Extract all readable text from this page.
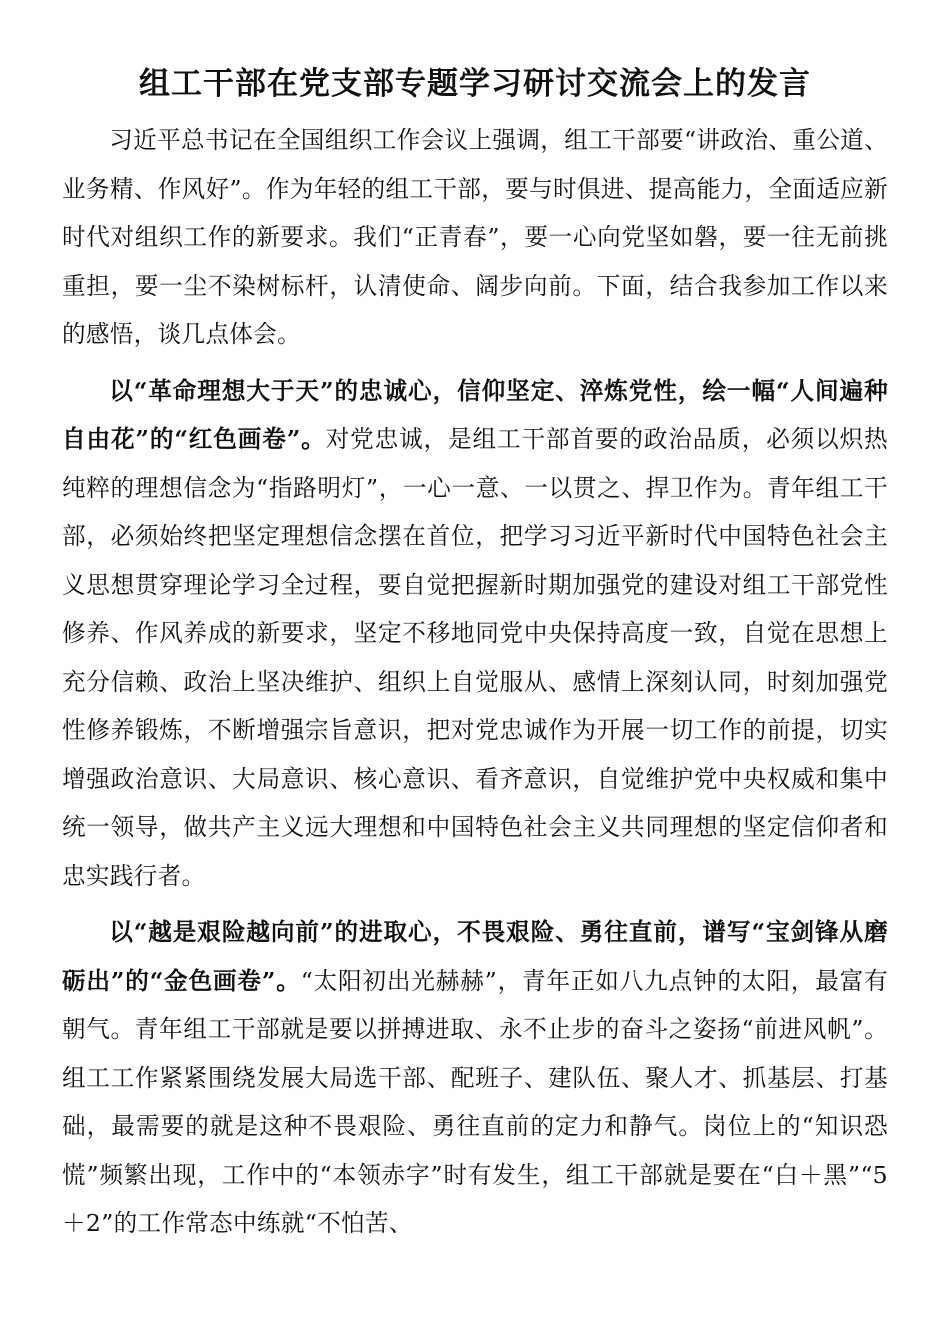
组工干部在党支部专题学习研讨交流会上的发言

习近平总书记在全国组织工作会议上强调，组工干部要“讲政治、重公道、业务精、作风好”。作为年轻的组工干部，要与时俱进、提高能力，全面适应新时代对组织工作的新要求。我们“正青春”，要一心向党坚如磐，要一往无前挑重担，要一尘不染树标杆，认清使命、阔步向前。下面，结合我参加工作以来的感悟，谈几点体会。

以“革命理想大于天”的忠诚心，信仰坚定、淬炼党性，绘一幅“人间遍种自由花”的“红色画卷”。对党忠诚，是组工干部首要的政治品质，必须以炽热纯粹的理想信念为“指路明灯”，一心一意、一以贯之、捍卫作为。青年组工干部，必须始终把坚定理想信念摆在首位，把学习习近平新时代中国特色社会主义思想贯穿理论学习全过程，要自觉把握新时期加强党的建设对组工干部党性修养、作风养成的新要求，坚定不移地同党中央保持高度一致，自觉在思想上充分信赖、政治上坚决维护、组织上自觉服从、感情上深刻认同，时刻加强党性修养锻炼，不断增强宗旨意识，把对党忠诚作为开展一切工作的前提，切实增强政治意识、大局意识、核心意识、看齐意识，自觉维护党中央权威和集中统一领导，做共产主义远大理想和中国特色社会主义共同理想的坚定信仰者和忠实践行者。

以“越是艰险越向前”的进取心，不畏艰险、勇往直前，谱写“宝剑锋从磨砺出”的“金色画卷”。“太阳初出光赫赫”，青年正如八九点钟的太阳，最富有朝气。青年组工干部就是要以拼搏进取、永不止步的奋斗之姿扬“前进风帆”。组工工作紧紧围绕发展大局选干部、配班子、建队伍、聚人才、抓基层、打基础，最需要的就是这种不畏艰险、勇往直前的定力和静气。岗位上的“知识恐慌”频繁出现，工作中的“本领赤字”时有发生，组工干部就是要在“白＋黑”“5＋2”的工作常态中练就“不怕苦、
